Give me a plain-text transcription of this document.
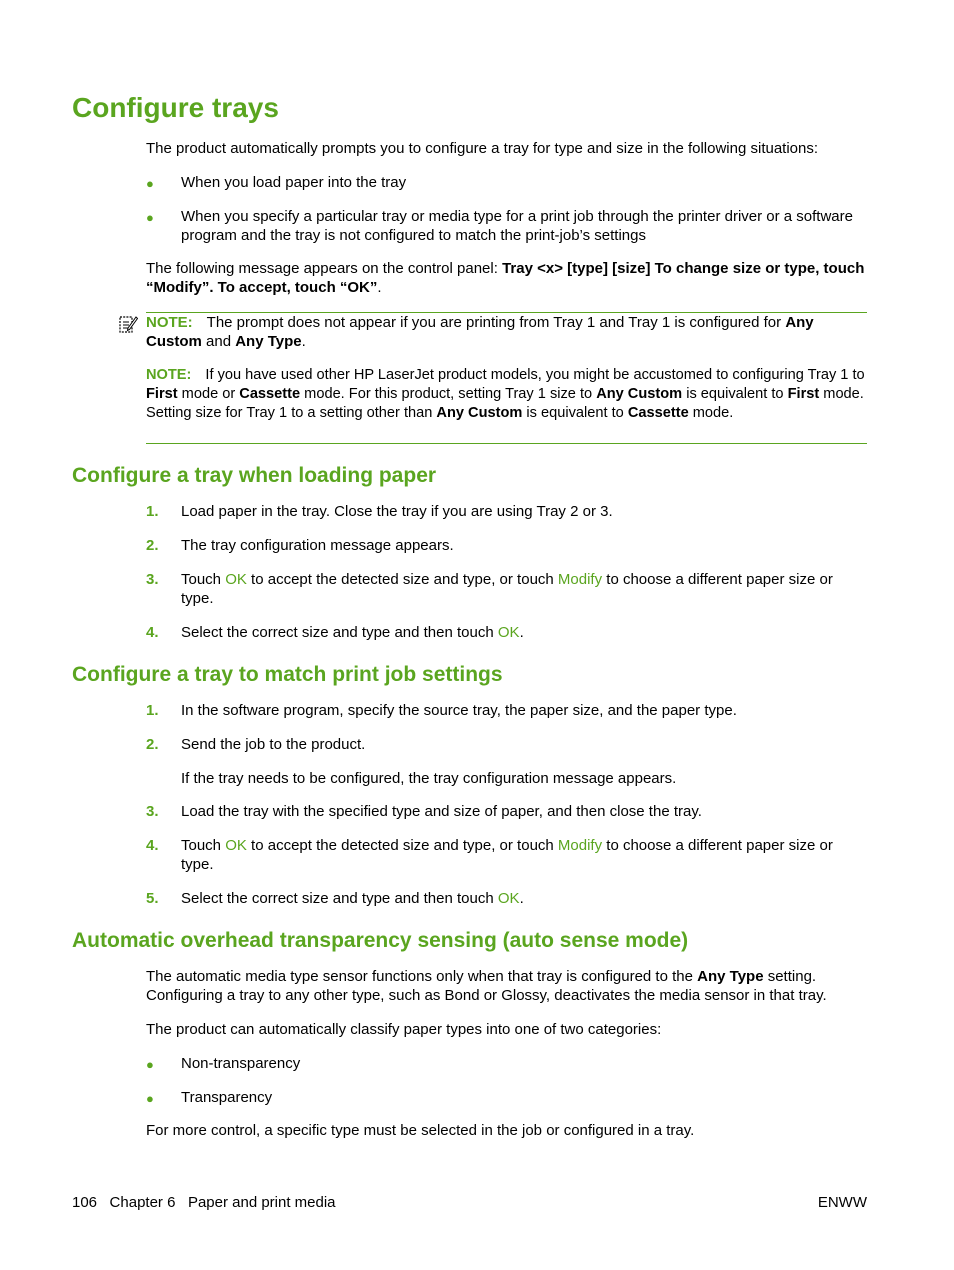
Configure trays

The product automatically prompts you to configure a tray for type and size in the following situations:

● When you load paper into the tray

● When you specify a particular tray or media type for a print job through the printer driver or a software program and the tray is not configured to match the print-job’s settings

The following message appears on the control panel: Tray <x> [type] [size] To change size or type, touch “Modify”. To accept, touch “OK”.

NOTE: The prompt does not appear if you are printing from Tray 1 and Tray 1 is configured for Any Custom and Any Type.

NOTE: If you have used other HP LaserJet product models, you might be accustomed to configuring Tray 1 to First mode or Cassette mode. For this product, setting Tray 1 size to Any Custom is equivalent to First mode. Setting size for Tray 1 to a setting other than Any Custom is equivalent to Cassette mode.

Configure a tray when loading paper
1. Load paper in the tray. Close the tray if you are using Tray 2 or 3.

2. The tray configuration message appears.

3. Touch OK to accept the detected size and type, or touch Modify to choose a different paper size or type.

4. Select the correct size and type and then touch OK.

Configure a tray to match print job settings
1. In the software program, specify the source tray, the paper size, and the paper type.

2. Send the job to the product.

If the tray needs to be configured, the tray configuration message appears.

3. Load the tray with the specified type and size of paper, and then close the tray.

4. Touch OK to accept the detected size and type, or touch Modify to choose a different paper size or type.

5. Select the correct size and type and then touch OK.

Automatic overhead transparency sensing (auto sense mode)

The automatic media type sensor functions only when that tray is configured to the Any Type setting. Configuring a tray to any other type, such as Bond or Glossy, deactivates the media sensor in that tray.

The product can automatically classify paper types into one of two categories:

● Non-transparency

● Transparency

For more control, a specific type must be selected in the job or configured in a tray.

106 Chapter 6 Paper and print media	ENWW
